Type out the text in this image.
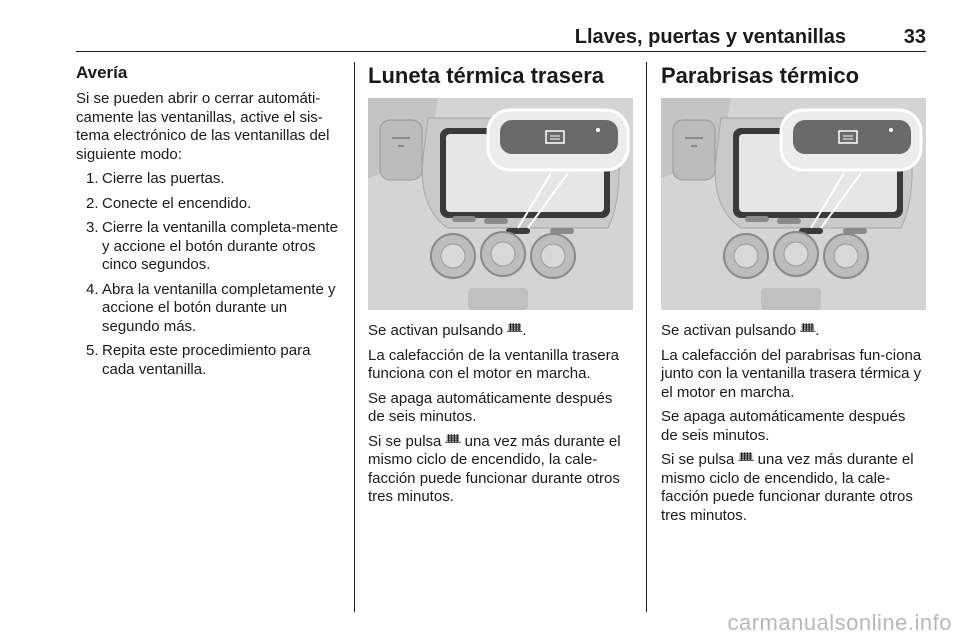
Llaves, puertas y ventanillas	33
Avería

Si se pueden abrir o cerrar automáti-camente las ventanillas, active el sis-tema electrónico de las ventanillas del siguiente modo:

1. Cierre las puertas.
2. Conecte el encendido.
3. Cierre la ventanilla completa-mente y accione el botón durante otros cinco segundos.
4. Abra la ventanilla completamente y accione el botón durante un segundo más.
5. Repita este procedimiento para cada ventanilla.
Luneta térmica trasera

Se activan pulsando ᚙ.

La calefacción de la ventanilla trasera funciona con el motor en marcha.

Se apaga automáticamente después de seis minutos.

Si se pulsa ᚙ una vez más durante el mismo ciclo de encendido, la cale-facción puede funcionar durante otros tres minutos.

Parabrisas térmico

Se activan pulsando ᚙ.

La calefacción del parabrisas fun-ciona junto con la ventanilla trasera térmica y el motor en marcha.

Se apaga automáticamente después de seis minutos.

Si se pulsa ᚙ una vez más durante el mismo ciclo de encendido, la cale-facción puede funcionar durante otros tres minutos.

carmanualsonline.info
